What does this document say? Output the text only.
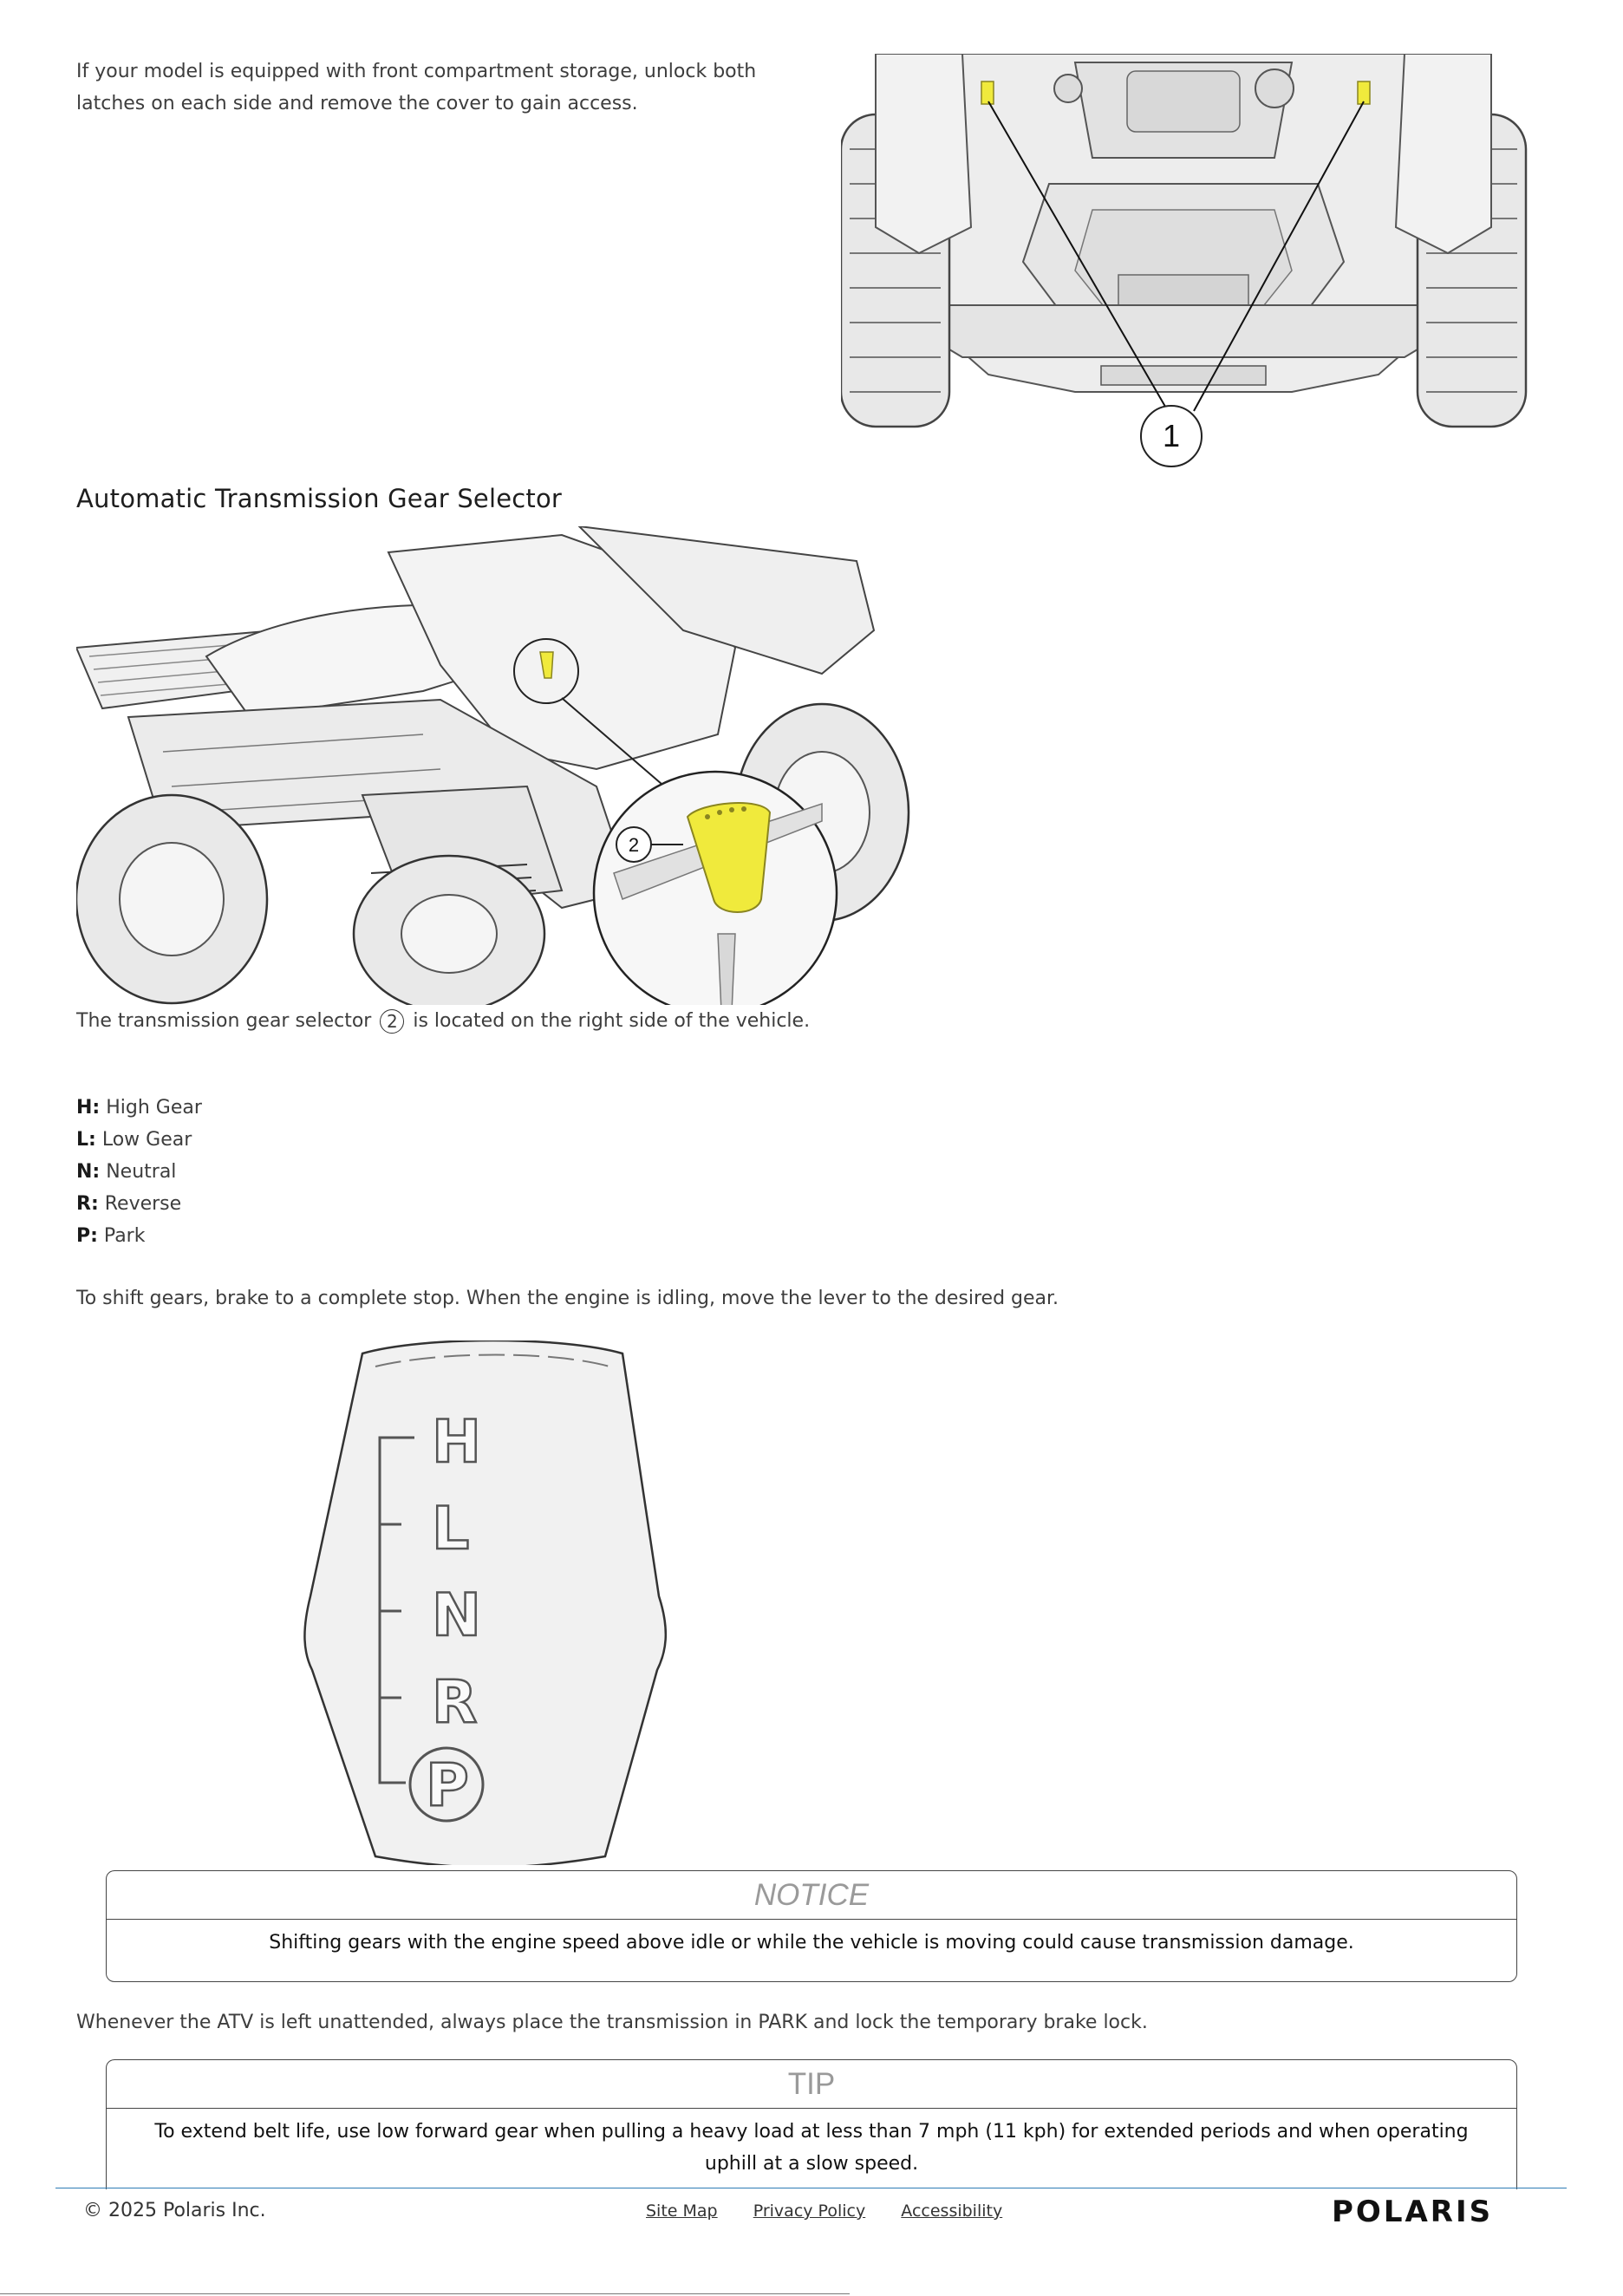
If your model is equipped with front compartment storage, unlock both latches on each side and remove the cover to gain access.
1
Automatic Transmission Gear Selector
2
The transmission gear selector 2 is located on the right side of the vehicle.
H: High Gear
L: Low Gear
N: Neutral
R: Reverse
P: Park
To shift gears, brake to a complete stop. When the engine is idling, move the lever to the desired gear.
H
L
N
R
P
NOTICE
Shifting gears with the engine speed above idle or while the vehicle is moving could cause transmission damage.
Whenever the ATV is left unattended, always place the transmission in PARK and lock the temporary brake lock.
TIP
To extend belt life, use low forward gear when pulling a heavy load at less than 7 mph (11 kph) for extended periods and when operating uphill at a slow speed.
© 2025 Polaris Inc.	Site Map Privacy Policy Accessibility	POLARIS
